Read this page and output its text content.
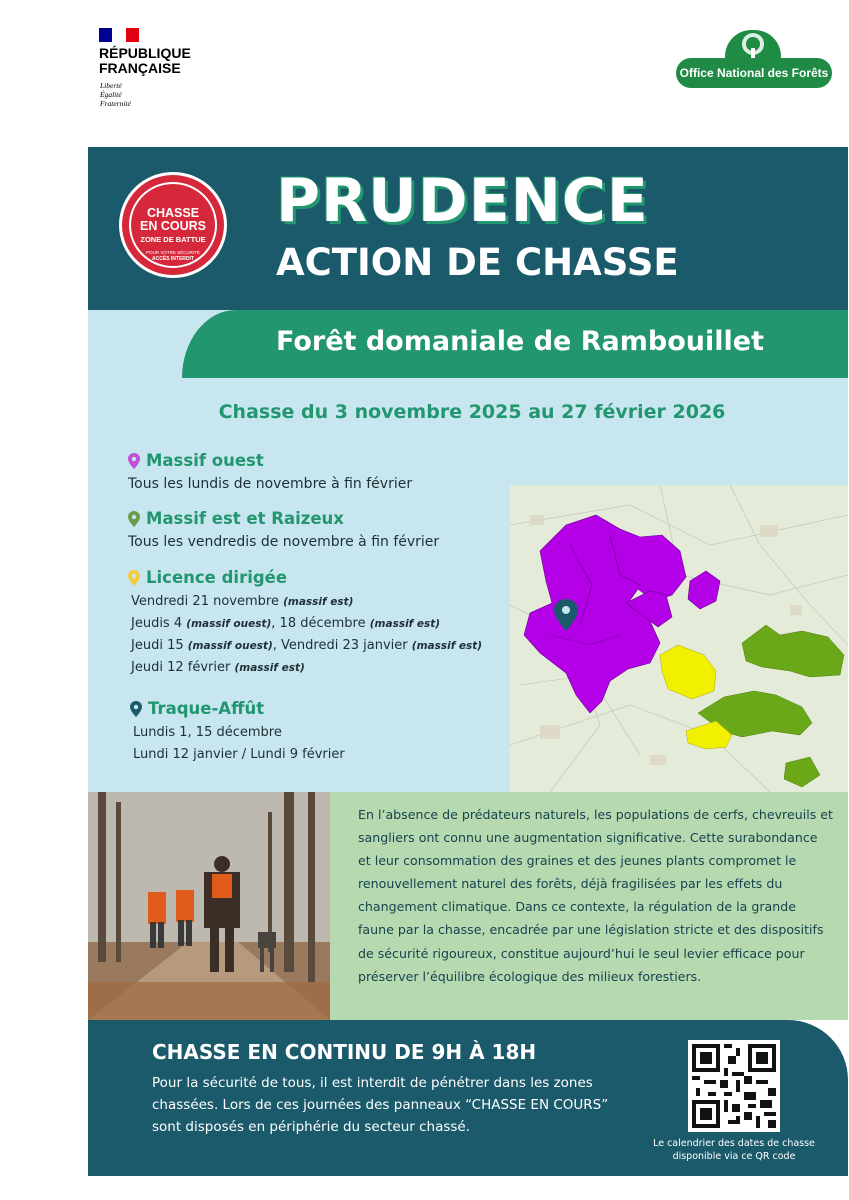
RÉPUBLIQUE
FRANÇAISE
Liberté
Égalité
Fraternité
Office National des Forêts
CHASSE
EN COURS
ZONE DE BATTUE
POUR VOTRE SÉCURITÉ
ACCÈS INTERDIT
PRUDENCE
ACTION DE CHASSE
Forêt domaniale de Rambouillet
Chasse du 3 novembre 2025 au 27 février 2026
Massif ouest
Tous les lundis de novembre à fin février
Massif est et Raizeux
Tous les vendredis de novembre à fin février
Licence dirigée
Vendredi 21 novembre (massif est)
Jeudis 4 (massif ouest), 18 décembre (massif est)
Jeudi 15 (massif ouest), Vendredi 23 janvier (massif est)
Jeudi 12 février (massif est)
Traque-Affût
Lundis 1, 15 décembre
Lundi 12 janvier / Lundi 9 février
En l’absence de prédateurs naturels, les populations de cerfs, chevreuils et sangliers ont connu une augmentation significative. Cette surabondance et leur consommation des graines et des jeunes plants compromet le renouvellement naturel des forêts, déjà fragilisées par les effets du changement climatique. Dans ce contexte, la régulation de la grande faune par la chasse, encadrée par une législation stricte et des dispositifs de sécurité rigoureux, constitue aujourd’hui le seul levier efficace pour préserver l’équilibre écologique des milieux forestiers.
CHASSE EN CONTINU DE 9H À 18H
Pour la sécurité de tous, il est interdit de pénétrer dans les zones chassées. Lors de ces journées des panneaux “CHASSE EN COURS” sont disposés en périphérie du secteur chassé.
Le calendrier des dates de chasse
disponible via ce QR code
